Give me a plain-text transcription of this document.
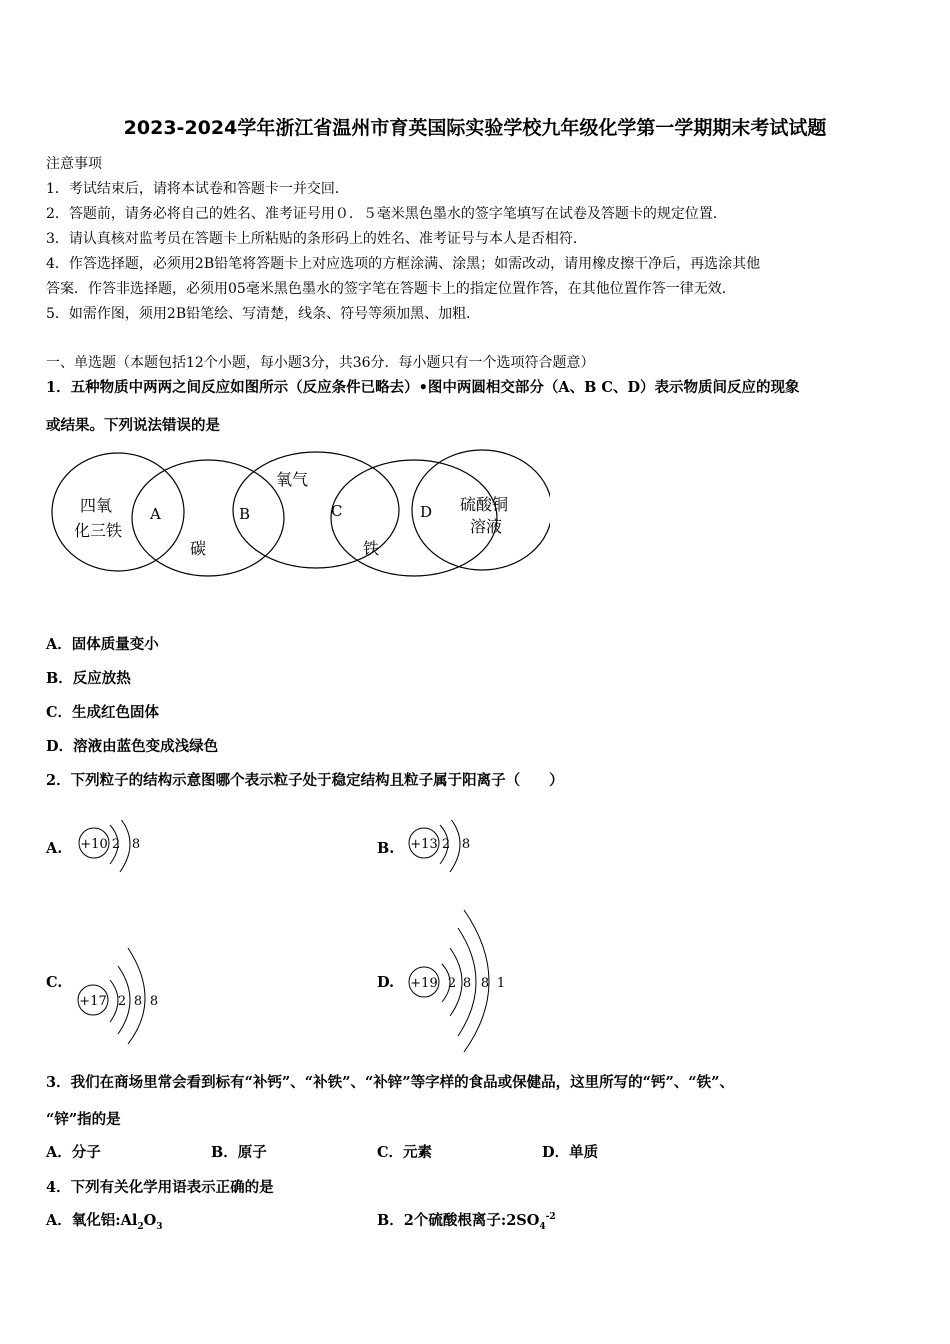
2023-2024学年浙江省温州市育英国际实验学校九年级化学第一学期期末考试试题
注意事项
1．考试结束后，请将本试卷和答题卡一并交回．
2．答题前，请务必将自己的姓名、准考证号用０．５毫米黑色墨水的签字笔填写在试卷及答题卡的规定位置．
3．请认真核对监考员在答题卡上所粘贴的条形码上的姓名、准考证号与本人是否相符．
4．作答选择题，必须用2B铅笔将答题卡上对应选项的方框涂满、涂黑；如需改动，请用橡皮擦干净后，再选涂其他
答案．作答非选择题，必须用05毫米黑色墨水的签字笔在答题卡上的指定位置作答，在其他位置作答一律无效．
5．如需作图，须用2B铅笔绘、写清楚，线条、符号等须加黑、加粗．
一、单选题（本题包括12个小题，每小题3分，共36分．每小题只有一个选项符合题意）
1．五种物质中两两之间反应如图所示（反应条件已略去）•图中两圆相交部分（A、B C、D）表示物质间反应的现象
或结果。下列说法错误的是
四氧
化三铁
碳
氧气
铁
硫酸铜
溶液
A	B	C	D
A．固体质量变小
B．反应放热
C．生成红色固体
D．溶液由蓝色变成浅绿色
2．下列粒子的结构示意图哪个表示粒子处于稳定结构且粒子属于阳离子（　　）
A. +10 2 8	B. +13 2 8
C.
+17 2 8 8
D. +19 2 8 8 1
3．我们在商场里常会看到标有“补钙”、“补铁”、“补锌”等字样的食品或保健品，这里所写的“钙”、“铁”、
“锌”指的是
A．分子	B．原子	C．元素	D．单质
4．下列有关化学用语表示正确的是
A．氧化铝$:Al_2O_3$	B．2个硫酸根离子$:2SO_4^{-2}$
